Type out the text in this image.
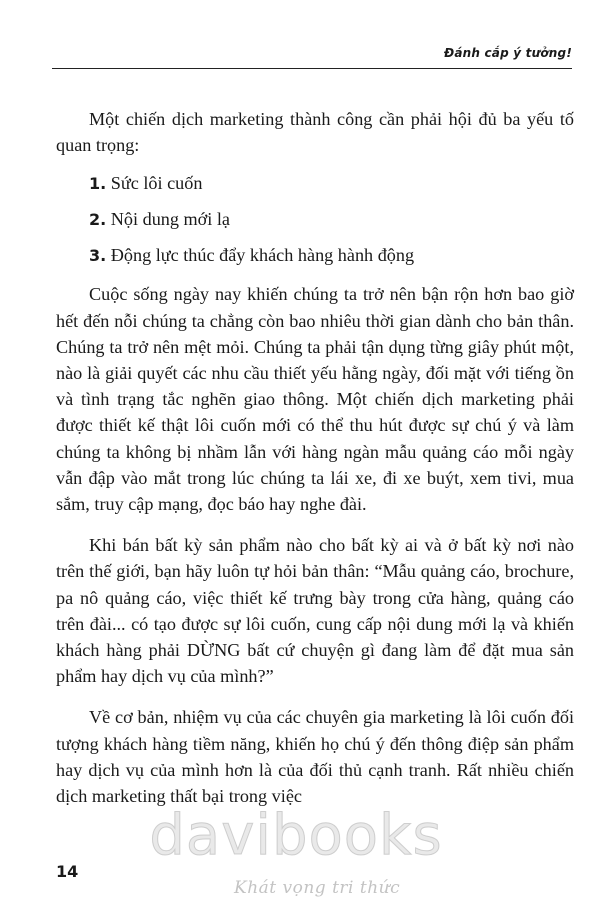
Đánh cắp ý tưởng!

Một chiến dịch marketing thành công cần phải hội đủ ba yếu tố quan trọng:

1. Sức lôi cuốn
2. Nội dung mới lạ
3. Động lực thúc đẩy khách hàng hành động

Cuộc sống ngày nay khiến chúng ta trở nên bận rộn hơn bao giờ hết đến nỗi chúng ta chẳng còn bao nhiêu thời gian dành cho bản thân. Chúng ta trở nên mệt mỏi. Chúng ta phải tận dụng từng giây phút một, nào là giải quyết các nhu cầu thiết yếu hằng ngày, đối mặt với tiếng ồn và tình trạng tắc nghẽn giao thông. Một chiến dịch marketing phải được thiết kế thật lôi cuốn mới có thể thu hút được sự chú ý và làm chúng ta không bị nhầm lẫn với hàng ngàn mẫu quảng cáo mỗi ngày vẫn đập vào mắt trong lúc chúng ta lái xe, đi xe buýt, xem tivi, mua sắm, truy cập mạng, đọc báo hay nghe đài.

Khi bán bất kỳ sản phẩm nào cho bất kỳ ai và ở bất kỳ nơi nào trên thế giới, bạn hãy luôn tự hỏi bản thân: “Mẫu quảng cáo, brochure, pa nô quảng cáo, việc thiết kế trưng bày trong cửa hàng, quảng cáo trên đài... có tạo được sự lôi cuốn, cung cấp nội dung mới lạ và khiến khách hàng phải DỪNG bất cứ chuyện gì đang làm để đặt mua sản phẩm hay dịch vụ của mình?”

Về cơ bản, nhiệm vụ của các chuyên gia marketing là lôi cuốn đối tượng khách hàng tiềm năng, khiến họ chú ý đến thông điệp sản phẩm hay dịch vụ của mình hơn là của đối thủ cạnh tranh. Rất nhiều chiến dịch marketing thất bại trong việc

davibooks
Khát vọng tri thức
14
